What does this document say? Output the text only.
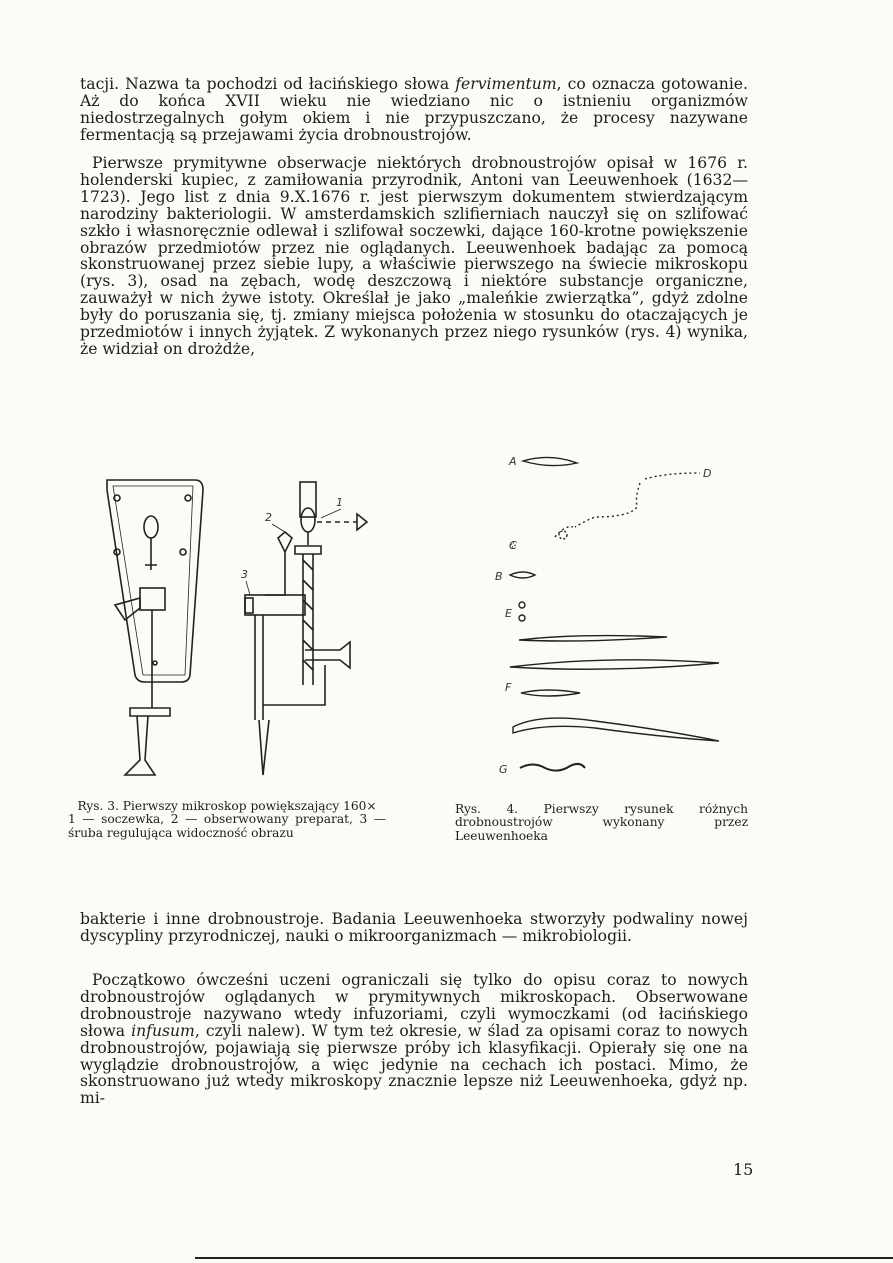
tacji. Nazwa ta pochodzi od łacińskiego słowa fervimentum, co oznacza gotowanie. Aż do końca XVII wieku nie wiedziano nic o istnieniu organizmów niedostrzegalnych gołym okiem i nie przypuszczano, że procesy nazywane fermentacją są przejawami życia drobnoustrojów.

Pierwsze prymitywne obserwacje niektórych drobnoustrojów opisał w 1676 r. holenderski kupiec, z zamiłowania przyrodnik, Antoni van Leeuwenhoek (1632—1723). Jego list z dnia 9.X.1676 r. jest pierwszym dokumentem stwierdzającym narodziny bakteriologii. W amsterdamskich szlifierniach nauczył się on szlifować szkło i własnoręcznie odlewał i szlifował soczewki, dające 160-krotne powiększenie obrazów przedmiotów przez nie oglądanych. Leeuwenhoek badając za pomocą skonstruowanej przez siebie lupy, a właściwie pierwszego na świecie mikroskopu (rys. 3), osad na zębach, wodę deszczową i niektóre substancje organiczne, zauważył w nich żywe istoty. Określał je jako „maleńkie zwierzątka”, gdyż zdolne były do poruszania się, tj. zmiany miejsca położenia w stosunku do otaczających je przedmiotów i innych żyjątek. Z wykonanych przez niego rysunków (rys. 4) wynika, że widział on drożdże,

1
2
3
A
B
C
D
E
F
G
Rys. 3. Pierwszy mikroskop powiększający 160×
1 — soczewka, 2 — obserwowany preparat, 3 — śruba regulująca widoczność obrazu
Rys. 4. Pierwszy rysunek różnych drobnoustrojów wykonany przez Leeuwenhoeka

bakterie i inne drobnoustroje. Badania Leeuwenhoeka stworzyły podwaliny nowej dyscypliny przyrodniczej, nauki o mikroorganizmach — mikrobiologii.

Początkowo ówcześni uczeni ograniczali się tylko do opisu coraz to nowych drobnoustrojów oglądanych w prymitywnych mikroskopach. Obserwowane drobnoustroje nazywano wtedy infuzoriami, czyli wymoczkami (od łacińskiego słowa infusum, czyli nalew). W tym też okresie, w ślad za opisami coraz to nowych drobnoustrojów, pojawiają się pierwsze próby ich klasyfikacji. Opierały się one na wyglądzie drobnoustrojów, a więc jedynie na cechach ich postaci. Mimo, że skonstruowano już wtedy mikroskopy znacznie lepsze niż Leeuwenhoeka, gdyż np. mi-

15
